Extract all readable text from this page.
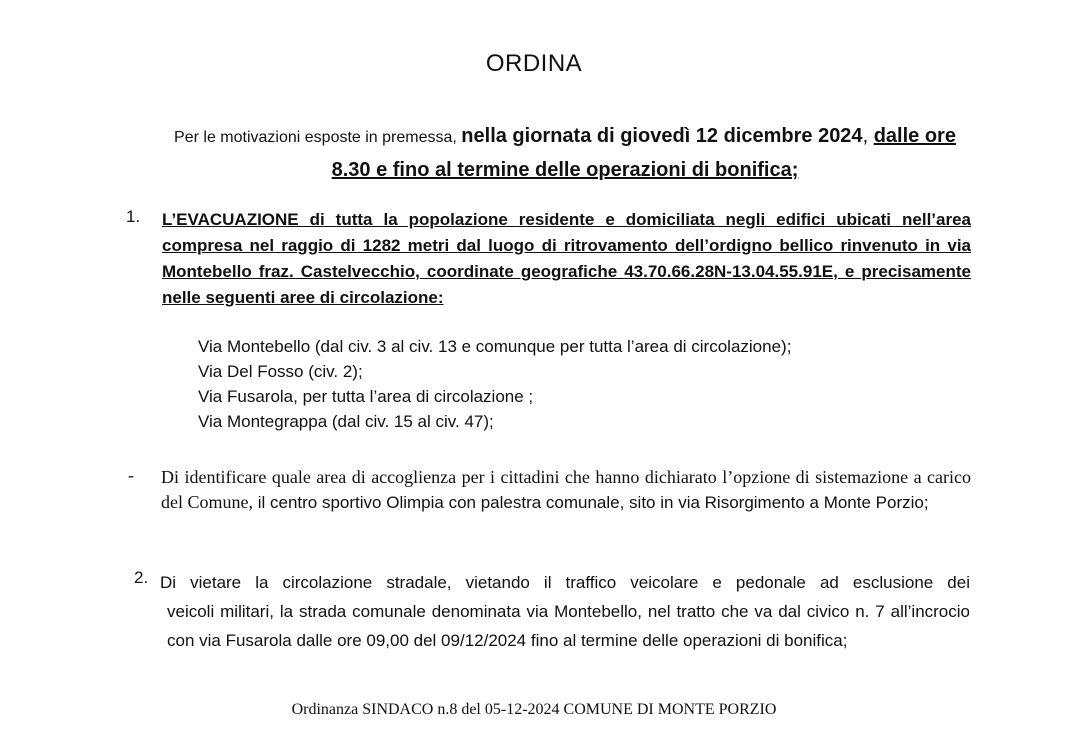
ORDINA
Per le motivazioni esposte in premessa, nella giornata di giovedì 12 dicembre 2024, dalle ore 8.30 e fino al termine delle operazioni di bonifica;
1. L’EVACUAZIONE di tutta la popolazione residente e domiciliata negli edifici ubicati nell’area compresa nel raggio di 1282 metri dal luogo di ritrovamento dell’ordigno bellico rinvenuto in via Montebello fraz. Castelvecchio, coordinate geografiche 43.70.66.28N-13.04.55.91E, e precisamente nelle seguenti aree di circolazione:
Via Montebello (dal civ. 3 al civ. 13 e comunque per tutta l’area di circolazione);
Via Del Fosso (civ. 2);
Via Fusarola, per tutta l’area di circolazione ;
Via Montegrappa (dal civ. 15 al civ. 47);
- Di identificare quale area di accoglienza per i cittadini che hanno dichiarato l’opzione di sistemazione a carico del Comune, il centro sportivo Olimpia con palestra comunale, sito in via Risorgimento a Monte Porzio;
2. Di vietare la circolazione stradale, vietando il traffico veicolare e pedonale ad esclusione dei
veicoli militari, la strada comunale denominata via Montebello, nel tratto che va dal civico n. 7 all’incrocio con via Fusarola dalle ore 09,00 del 09/12/2024 fino al termine delle operazioni di bonifica;
Ordinanza SINDACO n.8 del 05-12-2024 COMUNE DI MONTE PORZIO
